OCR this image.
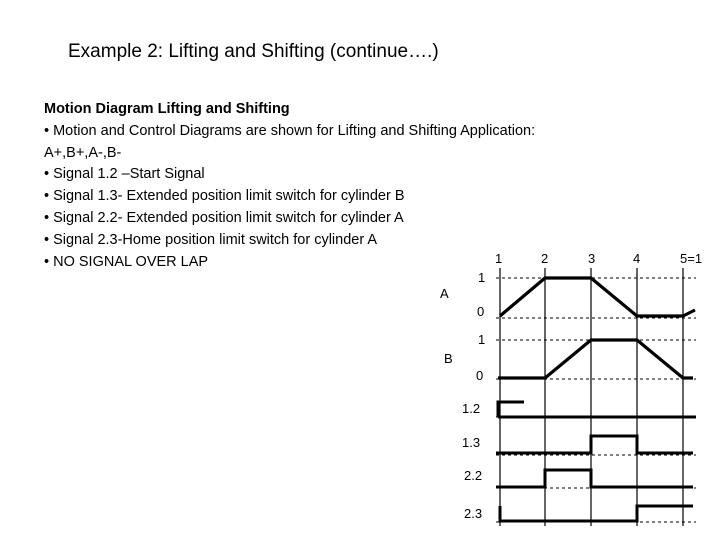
Example 2: Lifting and Shifting (continue….)
Motion Diagram Lifting and Shifting
• Motion and Control Diagrams are shown for Lifting and Shifting Application:
A+,B+,A-,B-
• Signal 1.2 –Start Signal
• Signal 1.3- Extended position limit switch for cylinder B
• Signal 2.2- Extended position limit switch for cylinder A
• Signal 2.3-Home position limit switch for cylinder A
• NO SIGNAL OVER LAP	1	2	3	4	5=1
A
1
0
B
1
0
1.2
1.3
2.2
2.3
